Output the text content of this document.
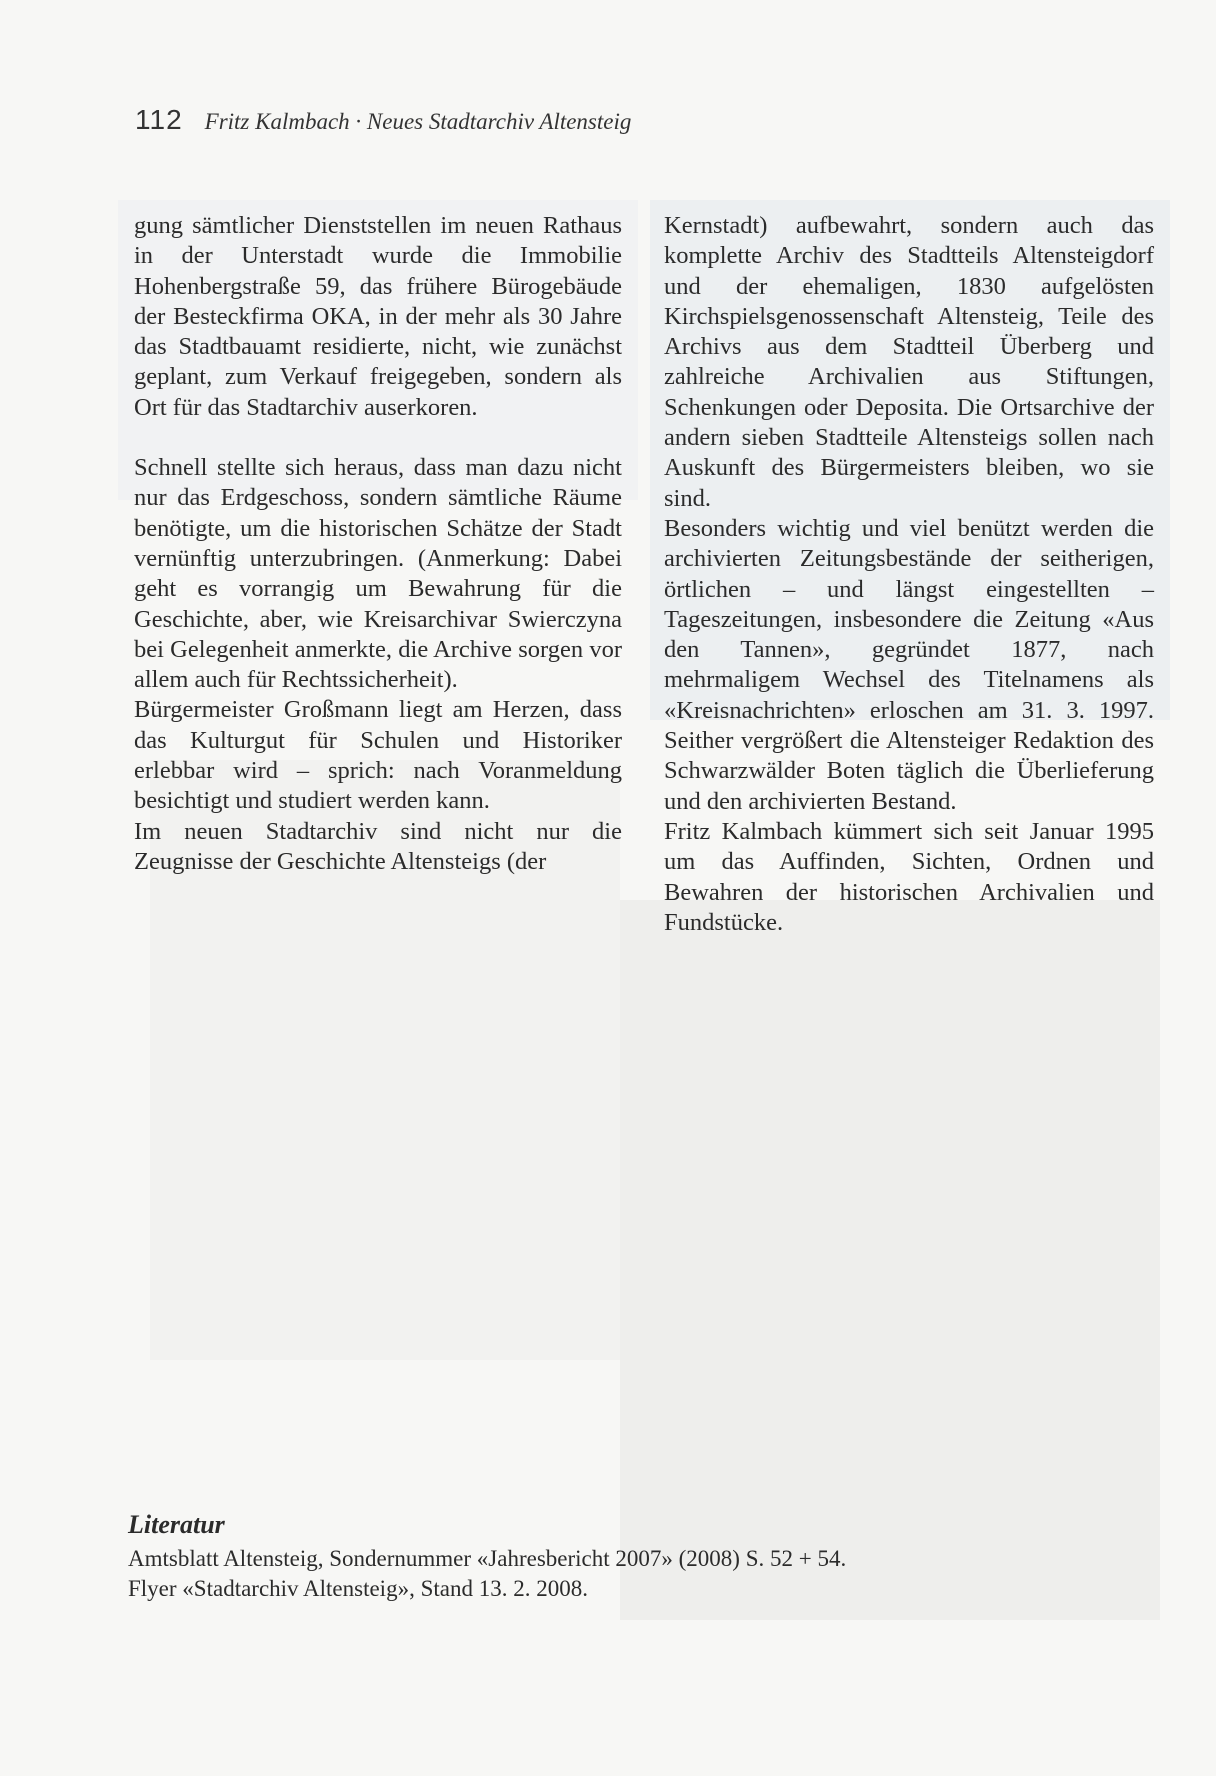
112 Fritz Kalmbach · Neues Stadtarchiv Altensteig

gung sämtlicher Dienststellen im neuen Rathaus in der Unterstadt wurde die Immobilie Hohenbergstraße 59, das frühere Bürogebäude der Besteckfirma OKA, in der mehr als 30 Jahre das Stadtbauamt residierte, nicht, wie zunächst geplant, zum Verkauf freigegeben, sondern als Ort für das Stadtarchiv auserkoren.

Schnell stellte sich heraus, dass man dazu nicht nur das Erdgeschoss, sondern sämtliche Räume benötigte, um die historischen Schätze der Stadt vernünftig unterzubringen. (Anmerkung: Dabei geht es vorrangig um Bewahrung für die Geschichte, aber, wie Kreisarchivar Swierczyna bei Gelegenheit anmerkte, die Archive sorgen vor allem auch für Rechtssicherheit).

Bürgermeister Großmann liegt am Herzen, dass das Kulturgut für Schulen und Historiker erlebbar wird – sprich: nach Voranmeldung besichtigt und studiert werden kann.

Im neuen Stadtarchiv sind nicht nur die Zeugnisse der Geschichte Altensteigs (der

Kernstadt) aufbewahrt, sondern auch das komplette Archiv des Stadtteils Altensteigdorf und der ehemaligen, 1830 aufgelösten Kirchspielsgenossenschaft Altensteig, Teile des Archivs aus dem Stadtteil Überberg und zahlreiche Archivalien aus Stiftungen, Schenkungen oder Deposita. Die Ortsarchive der andern sieben Stadtteile Altensteigs sollen nach Auskunft des Bürgermeisters bleiben, wo sie sind.

Besonders wichtig und viel benützt werden die archivierten Zeitungsbestände der seitherigen, örtlichen – und längst eingestellten – Tageszeitungen, insbesondere die Zeitung «Aus den Tannen», gegründet 1877, nach mehrmaligem Wechsel des Titelnamens als «Kreisnachrichten» erloschen am 31. 3. 1997. Seither vergrößert die Altensteiger Redaktion des Schwarzwälder Boten täglich die Überlieferung und den archivierten Bestand.

Fritz Kalmbach kümmert sich seit Januar 1995 um das Auffinden, Sichten, Ordnen und Bewahren der historischen Archivalien und Fundstücke.

Literatur

Amtsblatt Altensteig, Sondernummer «Jahresbericht 2007» (2008) S. 52 + 54.

Flyer «Stadtarchiv Altensteig», Stand 13. 2. 2008.
